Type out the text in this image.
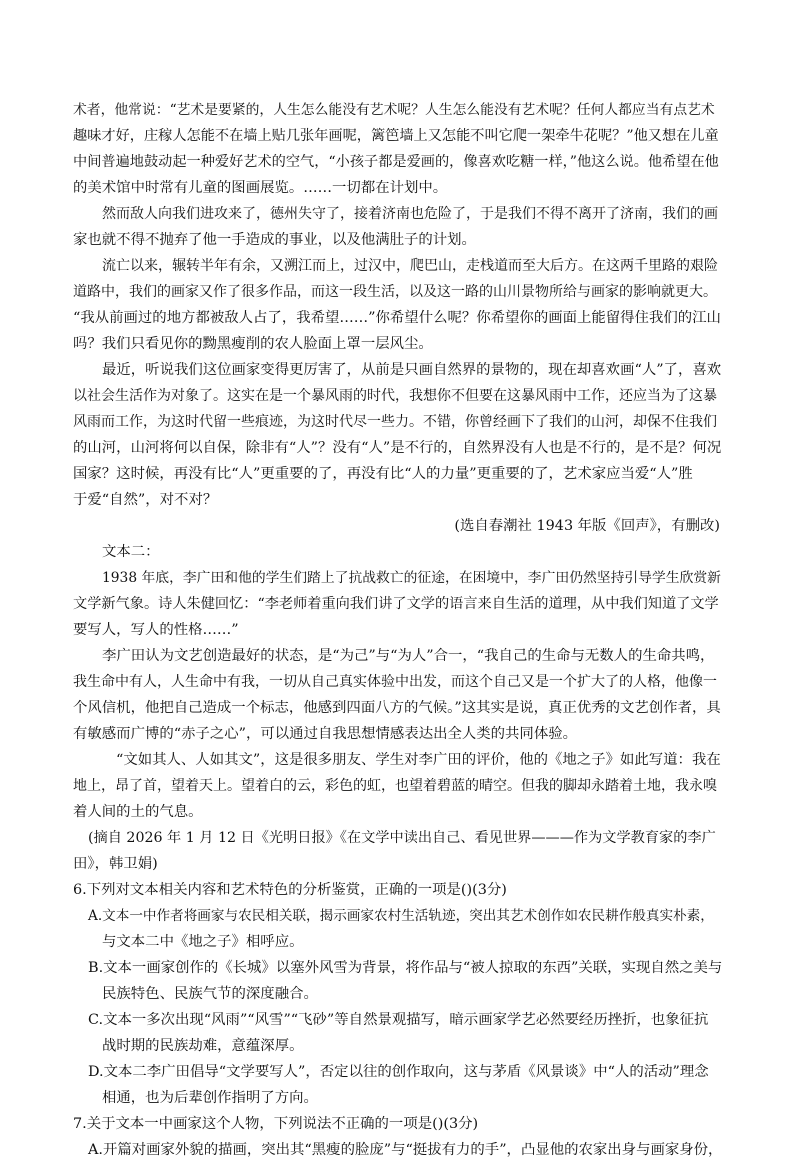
术者，他常说：“艺术是要紧的，人生怎么能没有艺术呢？人生怎么能没有艺术呢？任何人都应当有点艺术
趣味才好，庄稼人怎能不在墙上贴几张年画呢，篱笆墙上又怎能不叫它爬一架牵牛花呢？”他又想在儿童
中间普遍地鼓动起一种爱好艺术的空气，“小孩子都是爱画的，像喜欢吃糖一样，”他这么说。他希望在他
的美术馆中时常有儿童的图画展览。……一切都在计划中。
然而敌人向我们进攻来了，德州失守了，接着济南也危险了，于是我们不得不离开了济南，我们的画
家也就不得不抛弃了他一手造成的事业，以及他满肚子的计划。
流亡以来，辗转半年有余，又溯江而上，过汉中，爬巴山，走栈道而至大后方。在这两千里路的艰险
道路中，我们的画家又作了很多作品，而这一段生活，以及这一路的山川景物所给与画家的影响就更大。
“我从前画过的地方都被敌人占了，我希望……”你希望什么呢？你希望你的画面上能留得住我们的江山
吗？我们只看见你的黝黑瘦削的农人脸面上罩一层风尘。
最近，听说我们这位画家变得更厉害了，从前是只画自然界的景物的，现在却喜欢画“人”了，喜欢
以社会生活作为对象了。这实在是一个暴风雨的时代，我想你不但要在这暴风雨中工作，还应当为了这暴
风雨而工作，为这时代留一些痕迹，为这时代尽一些力。不错，你曾经画下了我们的山河，却保不住我们
的山河，山河将何以自保，除非有“人”？没有“人”是不行的，自然界没有人也是不行的，是不是？何况
国家？这时候，再没有比“人”更重要的了，再没有比“人的力量”更重要的了，艺术家应当爱“人”胜
于爱“自然”，对不对？
(选自春潮社 1943 年版《回声》，有删改)
文本二：
1938 年底，李广田和他的学生们踏上了抗战救亡的征途，在困境中，李广田仍然坚持引导学生欣赏新
文学新气象。诗人朱健回忆：“李老师着重向我们讲了文学的语言来自生活的道理，从中我们知道了文学
要写人，写人的性格……”
李广田认为文艺创造最好的状态，是“为己”与“为人”合一，“我自己的生命与无数人的生命共鸣，
我生命中有人，人生命中有我，一切从自己真实体验中出发，而这个自己又是一个扩大了的人格，他像一
个风信机，他把自己造成一个标志，他感到四面八方的气候。”这其实是说，真正优秀的文艺创作者，具
有敏感而广博的“赤子之心”，可以通过自我思想情感表达出全人类的共同体验。
“文如其人、人如其文”，这是很多朋友、学生对李广田的评价，他的《地之子》如此写道：我在
地上，昂了首，望着天上。望着白的云，彩色的虹，也望着碧蓝的晴空。但我的脚却永踏着土地，我永嗅
着人间的土的气息。
(摘自 2026 年 1 月 12 日《光明日报》《在文学中读出自己、看见世界———作为文学教育家的李广
田》，韩卫娟)
6.下列对文本相关内容和艺术特色的分析鉴赏，正确的一项是()(3分)
A.文本一中作者将画家与农民相关联，揭示画家农村生活轨迹，突出其艺术创作如农民耕作般真实朴素，
与文本二中《地之子》相呼应。
B.文本一画家创作的《长城》以塞外风雪为背景，将作品与“被人掠取的东西”关联，实现自然之美与
民族特色、民族气节的深度融合。
C.文本一多次出现“风雨”“风雪”“飞砂”等自然景观描写，暗示画家学艺必然要经历挫折，也象征抗
战时期的民族劫难，意蕴深厚。
D.文本二李广田倡导“文学要写人”，否定以往的创作取向，这与茅盾《风景谈》中“人的活动”理念
相通，也为后辈创作指明了方向。
7.关于文本一中画家这个人物，下列说法不正确的一项是()(3分)
A.开篇对画家外貌的描画，突出其“黑瘦的脸庞”与“挺拔有力的手”，凸显他的农家出身与画家身份，
